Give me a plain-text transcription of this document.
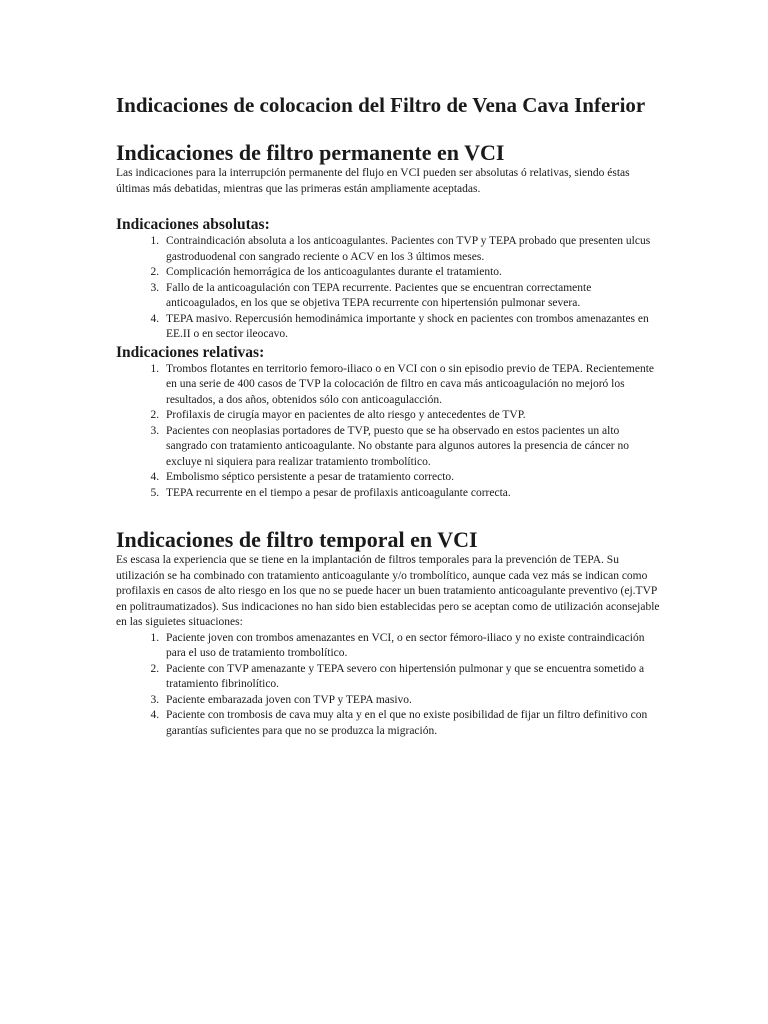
Indicaciones de colocacion del Filtro de Vena Cava Inferior
Indicaciones de filtro permanente en VCI

Las indicaciones para la interrupción permanente del flujo en VCI pueden ser absolutas ó relativas, siendo éstas últimas más debatidas, mientras que las primeras están ampliamente aceptadas.

Indicaciones absolutas:
1. Contraindicación absoluta a los anticoagulantes. Pacientes con TVP y TEPA probado que presenten ulcus gastroduodenal con sangrado reciente o ACV en los 3 últimos meses.
2. Complicación hemorrágica de los anticoagulantes durante el tratamiento.
3. Fallo de la anticoagulación con TEPA recurrente. Pacientes que se encuentran correctamente anticoagulados, en los que se objetiva TEPA recurrente con hipertensión pulmonar severa.
4. TEPA masivo. Repercusión hemodinámica importante y shock en pacientes con trombos amenazantes en EE.II o en sector ileocavo.
Indicaciones relativas:
1. Trombos flotantes en territorio femoro-iliaco o en VCI con o sin episodio previo de TEPA. Recientemente en una serie de 400 casos de TVP la colocación de filtro en cava más anticoagulación no mejoró los resultados, a dos años, obtenidos sólo con anticoagulacción.
2. Profilaxis de cirugía mayor en pacientes de alto riesgo y antecedentes de TVP.
3. Pacientes con neoplasias portadores de TVP, puesto que se ha observado en estos pacientes un alto sangrado con tratamiento anticoagulante. No obstante para algunos autores la presencia de cáncer no excluye ni siquiera para realizar tratamiento trombolítico.
4. Embolismo séptico persistente a pesar de tratamiento correcto.
5. TEPA recurrente en el tiempo a pesar de profilaxis anticoagulante correcta.
Indicaciones de filtro temporal en VCI

Es escasa la experiencia que se tiene en la implantación de filtros temporales para la prevención de TEPA. Su utilización se ha combinado con tratamiento anticoagulante y/o trombolítico, aunque cada vez más se indican como profilaxis en casos de alto riesgo en los que no se puede hacer un buen tratamiento anticoagulante preventivo (ej.TVP en politraumatizados). Sus indicaciones no han sido bien establecidas pero se aceptan como de utilización aconsejable en las siguietes situaciones:

1. Paciente joven con trombos amenazantes en VCI, o en sector fémoro-iliaco y no existe contraindicación para el uso de tratamiento trombolítico.
2. Paciente con TVP amenazante y TEPA severo con hipertensión pulmonar y que se encuentra sometido a tratamiento fibrinolítico.
3. Paciente embarazada joven con TVP y TEPA masivo.
4. Paciente con trombosis de cava muy alta y en el que no existe posibilidad de fijar un filtro definitivo con garantías suficientes para que no se produzca la migración.
